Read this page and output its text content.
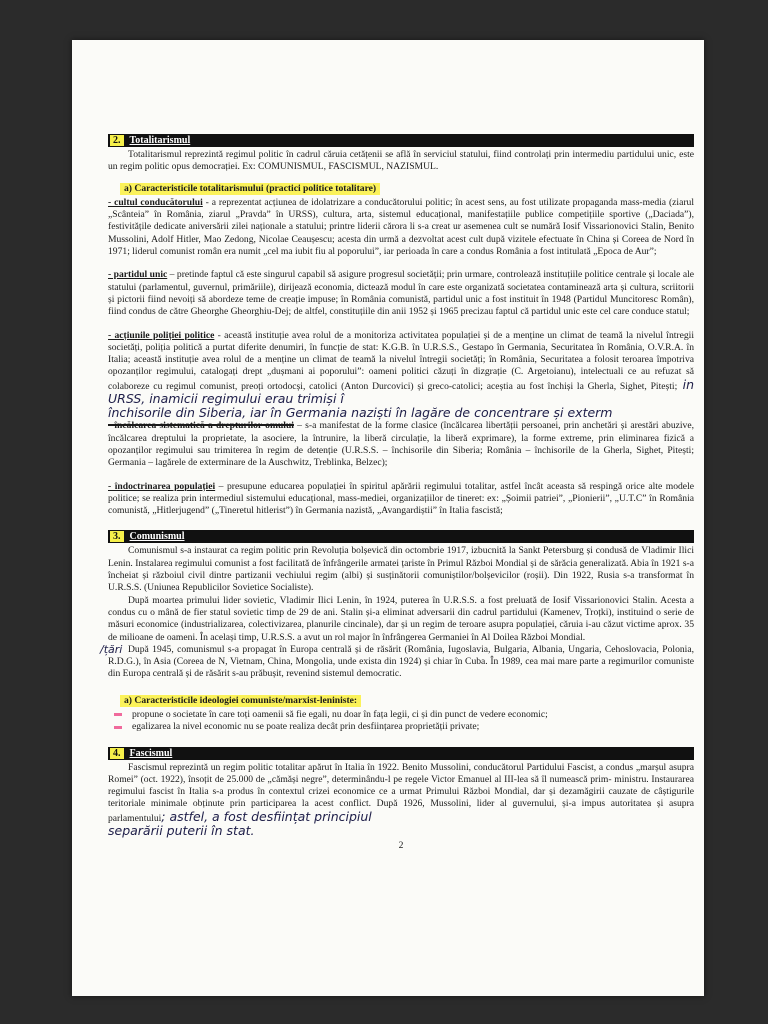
2. Totalitarismul

Totalitarismul reprezintă regimul politic în cadrul căruia cetățenii se află în serviciul statului, fiind controlați prin intermediu partidului unic, este un regim politic opus democrației. Ex: COMUNISMUL, FASCISMUL, NAZISMUL.

a) Caracteristicile totalitarismului (practici politice totalitare)

- cultul conducătorului - a reprezentat acțiunea de idolatrizare a conducătorului politic; în acest sens, au fost utilizate propaganda mass-media (ziarul „Scânteia” în România, ziarul „Pravda” în URSS), cultura, arta, sistemul educațional, manifestațiile publice competițiile sportive („Daciada”), festivitățile dedicate aniversării zilei naționale a statului; printre liderii cărora li s-a creat ur asemenea cult se numără Iosif Vissarionovici Stalin, Benito Mussolini, Adolf Hitler, Mao Zedong, Nicolae Ceaușescu; acesta din urmă a dezvoltat acest cult după vizitele efectuate în China și Coreea de Nord în 1971; liderul comunist român era numit „cel ma iubit fiu al poporului”, iar perioada în care a condus România a fost intitulată „Epoca de Aur”;

- partidul unic – pretinde faptul că este singurul capabil să asigure progresul societății; prin urmare, controlează instituțiile politice centrale și locale ale statului (parlamentul, guvernul, primăriile), dirijează economia, dictează modul în care este organizată societatea contaminează arta și cultura, scriitorii și pictorii fiind nevoiți să abordeze teme de creație impuse; în România comunistă, partidul unic a fost instituit în 1948 (Partidul Muncitoresc Român), fiind condus de către Gheorghe Gheorghiu-Dej; de altfel, constituțiile din anii 1952 și 1965 precizau faptul că partidul unic este cel care conduce statul;

- acțiunile poliției politice - această instituție avea rolul de a monitoriza activitatea populației și de a menține un climat de teamă la nivelul întregii societăți, poliția politică a purtat diferite denumiri, în funcție de stat: K.G.B. în U.R.S.S., Gestapo în Germania, Securitatea în România, O.V.R.A. în Italia; această instituție avea rolul de a menține un climat de teamă la nivelul întregii societăți; în România, Securitatea a folosit teroarea împotriva opozanților regimului, catalogați drept „dușmani ai poporului”: oameni politici căzuți în dizgrație (C. Argetoianu), intelectuali ce au refuzat să colaboreze cu regimul comunist, preoți ortodocși, catolici (Anton Durcovici) și greco-catolici; aceștia au fost închiși la Gherla, Sighet, Pitești; in URSS, inamicii regimului erau trimiși î

închisorile din Siberia, iar în Germania naziști în lagăre de concentrare și exterm

- încălcarea sistematică a drepturilor omului – s-a manifestat de la forme clasice (încălcarea libertății persoanei, prin anchetări și arestări abuzive, încălcarea dreptului la proprietate, la asociere, la întrunire, la liberă circulație, la liberă exprimare), la forme extreme, prin eliminarea fizică a opozanților regimului sau trimiterea în regim de detenție (U.R.S.S. – închisorile din Siberia; România – închisorile de la Gherla, Sighet, Pitești; Germania – lagărele de exterminare de la Auschwitz, Treblinka, Belzec);

- îndoctrinarea populației – presupune educarea populației în spiritul apărării regimului totalitar, astfel încât aceasta să respingă orice alte modele politice; se realiza prin intermediul sistemului educațional, mass-mediei, organizațiilor de tineret: ex: „Șoimii patriei”, „Pionierii”, „U.T.C” în România comunistă, „Hitlerjugend” („Tineretul hitlerist”) în Germania nazistă, „Avangardiștii” în Italia fascistă;

3. Comunismul

Comunismul s-a instaurat ca regim politic prin Revoluția bolșevică din octombrie 1917, izbucnită la Sankt Petersburg și condusă de Vladimir Ilici Lenin. Instalarea regimului comunist a fost facilitată de înfrângerile armatei țariste în Primul Război Mondial și de sărăcia generalizată. Abia în 1921 s-a încheiat și războiul civil dintre partizanii vechiului regim (albi) și susținătorii comuniștilor/bolșevicilor (roșii). Din 1922, Rusia s-a transformat în U.R.S.S. (Uniunea Republicilor Sovietice Socialiste).

După moartea primului lider sovietic, Vladimir Ilici Lenin, în 1924, puterea în U.R.S.S. a fost preluată de Iosif Vissarionovici Stalin. Acesta a condus cu o mână de fier statul sovietic timp de 29 de ani. Stalin și-a eliminat adversarii din cadrul partidului (Kamenev, Troțki), instituind o serie de măsuri economice (industrializarea, colectivizarea, planurile cincinale), dar și un regim de teroare asupra populației, căruia i-au căzut victime aprox. 35 de milioane de oameni. În același timp, U.R.S.S. a avut un rol major în înfrângerea Germaniei în Al Doilea Război Mondial.

/țări După 1945, comunismul s-a propagat în Europa centrală și de răsărit (România, Iugoslavia, Bulgaria, Albania, Ungaria, Cehoslovacia, Polonia, R.D.G.), în Asia (Coreea de N, Vietnam, China, Mongolia, unde exista din 1924) și chiar în Cuba. În 1989, cea mai mare parte a regimurilor comuniste din Europa centrală și de răsărit s-au prăbușit, revenind sistemul democratic.

a) Caracteristicile ideologiei comuniste/marxist-leniniste:

propune o societate în care toți oamenii să fie egali, nu doar în fața legii, ci și din punct de vedere economic;

egalizarea la nivel economic nu se poate realiza decât prin desființarea proprietății private;

4. Fascismul

Fascismul reprezintă un regim politic totalitar apărut în Italia în 1922. Benito Mussolini, conducătorul Partidului Fascist, a condus „marșul asupra Romei” (oct. 1922), însoțit de 25.000 de „cămăși negre”, determinându-l pe regele Victor Emanuel al III-lea să îl numească prim- ministru. Instaurarea regimului fascist în Italia s-a produs în contextul crizei economice ce a urmat Primului Război Mondial, dar și dezamăgirii cauzate de câștigurile teritoriale minimale obținute prin participarea la acest conflict. După 1926, Mussolini, lider al guvernului, și-a impus autoritatea și asupra parlamentului; astfel, a fost desființat principiul

separării puterii în stat.

2
